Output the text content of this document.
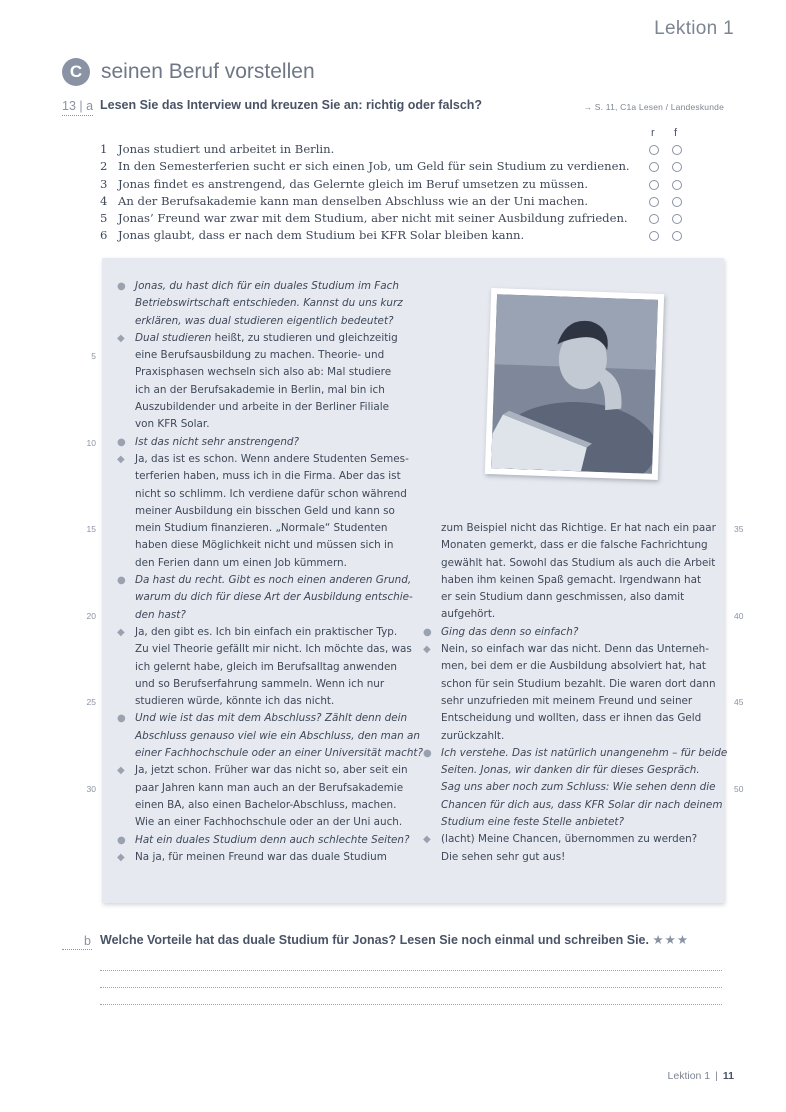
Lektion 1
C seinen Beruf vorstellen
13 | a Lesen Sie das Interview und kreuzen Sie an: richtig oder falsch?	→ S. 11, C1a Lesen / Landeskunde
r f
1 Jonas studiert und arbeitet in Berlin.
2 In den Semesterferien sucht er sich einen Job, um Geld für sein Studium zu verdienen.
3 Jonas findet es anstrengend, das Gelernte gleich im Beruf umsetzen zu müssen.
4 An der Berufsakademie kann man denselben Abschluss wie an der Uni machen.
5 Jonas’ Freund war zwar mit dem Studium, aber nicht mit seiner Ausbildung zufrieden.
6 Jonas glaubt, dass er nach dem Studium bei KFR Solar bleiben kann.
● Jonas, du hast dich für ein duales Studium im Fach
Betriebswirtschaft entschieden. Kannst du uns kurz
erklären, was dual studieren eigentlich bedeutet?
◆ Dual studieren heißt, zu studieren und gleichzeitig
eine Berufsausbildung zu machen. Theorie- und
Praxisphasen wechseln sich also ab: Mal studiere
ich an der Berufsakademie in Berlin, mal bin ich
Auszubildender und arbeite in der Berliner Filiale
von KFR Solar.
● Ist das nicht sehr anstrengend?
◆ Ja, das ist es schon. Wenn andere Studenten Semes-
terferien haben, muss ich in die Firma. Aber das ist
nicht so schlimm. Ich verdiene dafür schon während
meiner Ausbildung ein bisschen Geld und kann so
mein Studium finanzieren. „Normale“ Studenten
haben diese Möglichkeit nicht und müssen sich in
den Ferien dann um einen Job kümmern.
● Da hast du recht. Gibt es noch einen anderen Grund,
warum du dich für diese Art der Ausbildung entschie-
den hast?
◆ Ja, den gibt es. Ich bin einfach ein praktischer Typ.
Zu viel Theorie gefällt mir nicht. Ich möchte das, was
ich gelernt habe, gleich im Berufsalltag anwenden
und so Berufserfahrung sammeln. Wenn ich nur
studieren würde, könnte ich das nicht.
● Und wie ist das mit dem Abschluss? Zählt denn dein
Abschluss genauso viel wie ein Abschluss, den man an
einer Fachhochschule oder an einer Universität macht?
◆ Ja, jetzt schon. Früher war das nicht so, aber seit ein
paar Jahren kann man auch an der Berufsakademie
einen BA, also einen Bachelor-Abschluss, machen.
Wie an einer Fachhochschule oder an der Uni auch.
● Hat ein duales Studium denn auch schlechte Seiten?
◆ Na ja, für meinen Freund war das duale Studium
zum Beispiel nicht das Richtige. Er hat nach ein paar
Monaten gemerkt, dass er die falsche Fachrichtung
gewählt hat. Sowohl das Studium als auch die Arbeit
haben ihm keinen Spaß gemacht. Irgendwann hat
er sein Studium dann geschmissen, also damit
aufgehört.
● Ging das denn so einfach?
◆ Nein, so einfach war das nicht. Denn das Unterneh-
men, bei dem er die Ausbildung absolviert hat, hat
schon für sein Studium bezahlt. Die waren dort dann
sehr unzufrieden mit meinem Freund und seiner
Entscheidung und wollten, dass er ihnen das Geld
zurückzahlt.
● Ich verstehe. Das ist natürlich unangenehm – für beide
Seiten. Jonas, wir danken dir für dieses Gespräch.
Sag uns aber noch zum Schluss: Wie sehen denn die
Chancen für dich aus, dass KFR Solar dir nach deinem
Studium eine feste Stelle anbietet?
◆ (lacht) Meine Chancen, übernommen zu werden?
Die sehen sehr gut aus!
5
10
15
20
25
30
35
40
45
50
b Welche Vorteile hat das duale Studium für Jonas? Lesen Sie noch einmal und schreiben Sie. ★★★
Lektion 1 | 11
